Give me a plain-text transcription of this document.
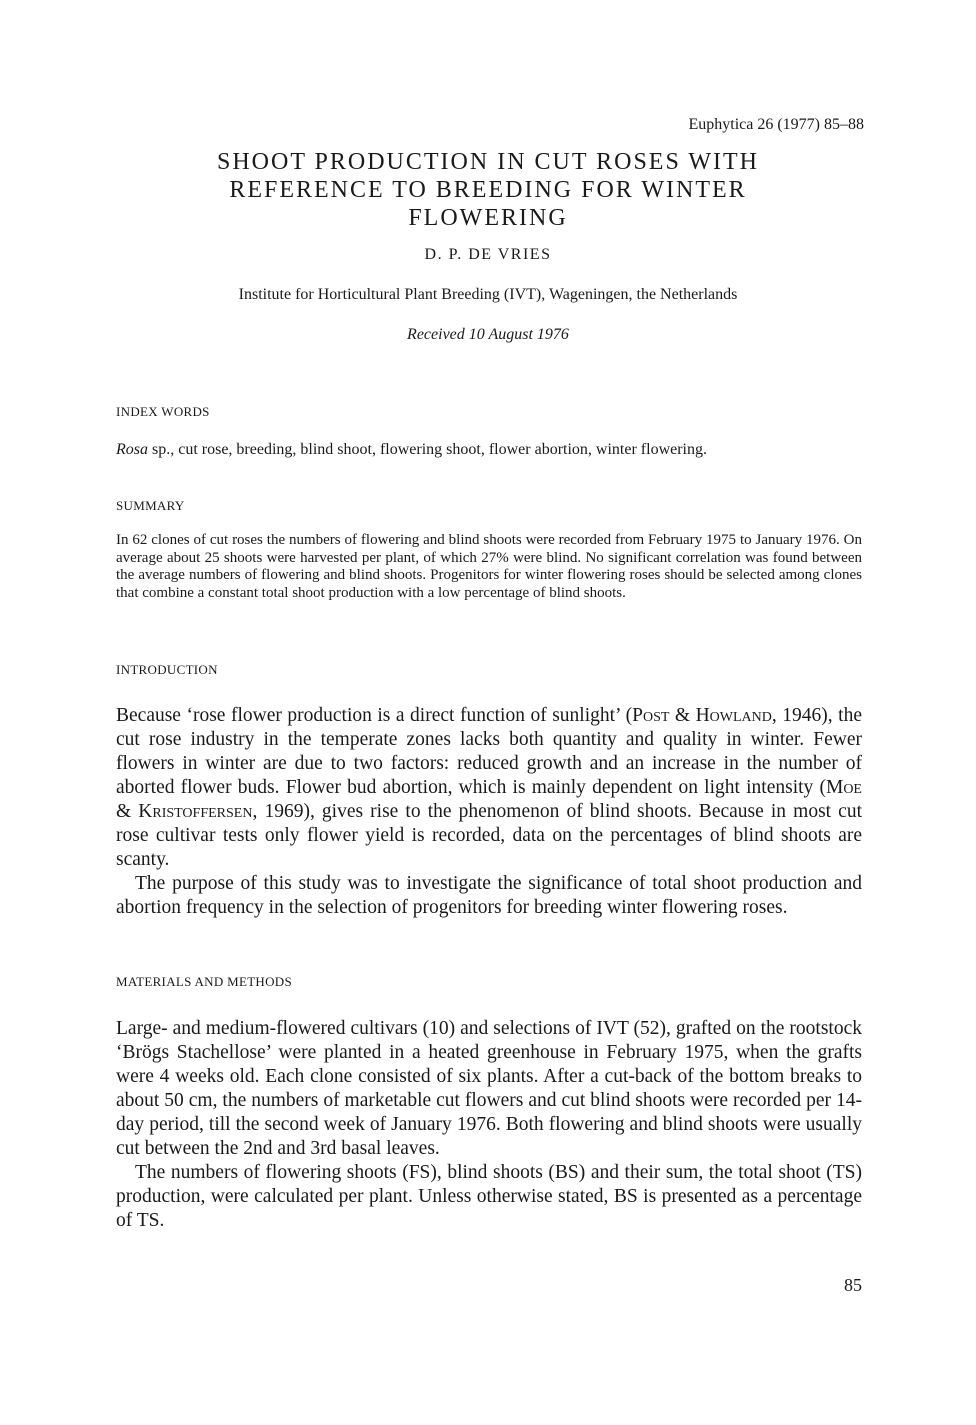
Euphytica 26 (1977) 85–88
SHOOT PRODUCTION IN CUT ROSES WITH
REFERENCE TO BREEDING FOR WINTER
FLOWERING
D. P. DE VRIES
Institute for Horticultural Plant Breeding (IVT), Wageningen, the Netherlands
Received 10 August 1976
INDEX WORDS
Rosa sp., cut rose, breeding, blind shoot, flowering shoot, flower abortion, winter flowering.
SUMMARY
In 62 clones of cut roses the numbers of flowering and blind shoots were recorded from February 1975 to January 1976. On average about 25 shoots were harvested per plant, of which 27% were blind. No significant correlation was found between the average numbers of flowering and blind shoots. Progenitors for winter flowering roses should be selected among clones that combine a constant total shoot production with a low percentage of blind shoots.
INTRODUCTION

Because ‘rose flower production is a direct function of sunlight’ (Post & Howland, 1946), the cut rose industry in the temperate zones lacks both quantity and quality in winter. Fewer flowers in winter are due to two factors: reduced growth and an increase in the number of aborted flower buds. Flower bud abortion, which is mainly dependent on light intensity (Moe & Kristoffersen, 1969), gives rise to the phenomenon of blind shoots. Because in most cut rose cultivar tests only flower yield is recorded, data on the percentages of blind shoots are scanty.

The purpose of this study was to investigate the significance of total shoot production and abortion frequency in the selection of progenitors for breeding winter flowering roses.

MATERIALS AND METHODS

Large- and medium-flowered cultivars (10) and selections of IVT (52), grafted on the rootstock ‘Brögs Stachellose’ were planted in a heated greenhouse in February 1975, when the grafts were 4 weeks old. Each clone consisted of six plants. After a cut-back of the bottom breaks to about 50 cm, the numbers of marketable cut flowers and cut blind shoots were recorded per 14-day period, till the second week of January 1976. Both flowering and blind shoots were usually cut between the 2nd and 3rd basal leaves.

The numbers of flowering shoots (FS), blind shoots (BS) and their sum, the total shoot (TS) production, were calculated per plant. Unless otherwise stated, BS is presented as a percentage of TS.

85
